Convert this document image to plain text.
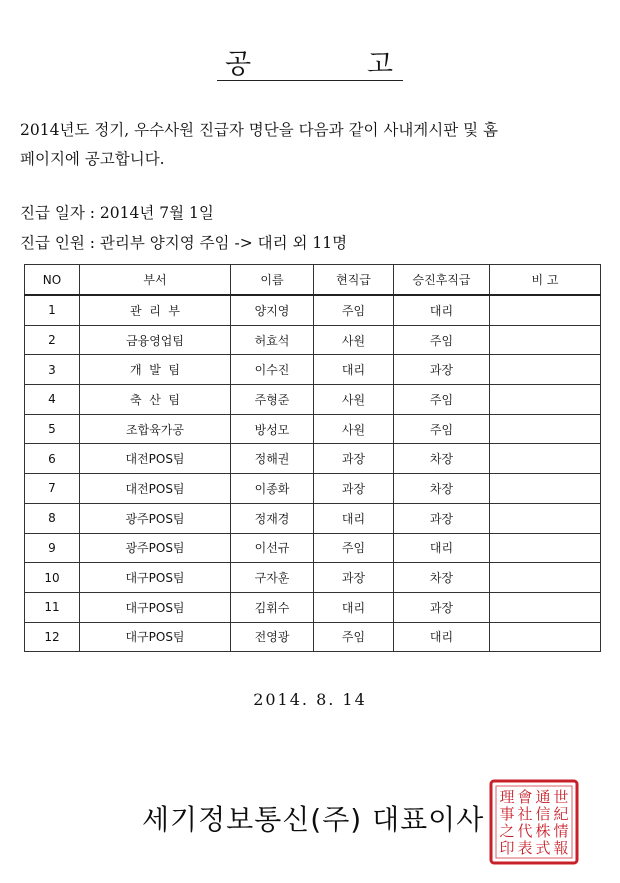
공	고
2014년도 정기, 우수사원 진급자 명단을 다음과 같이 사내게시판 및 홈
페이지에 공고합니다.
진급 일자 : 2014년 7월 1일
진급 인원 : 관리부 양지영 주임 -> 대리 외 11명
NO	부서	이름	현직급	승진후직급	비 고
1	관  리  부	양지영	주임	대리	
2	금융영업팀	허효석	사원	주임	
3	개  발  팀	이수진	대리	과장	
4	축  산  팀	주형준	사원	주임	
5	조합육가공	방성모	사원	주임	
6	대전POS팀	정해권	과장	차장	
7	대전POS팀	이종화	과장	차장	
8	광주POS팀	정재경	대리	과장	
9	광주POS팀	이선규	주임	대리	
10	대구POS팀	구자훈	과장	차장	
11	대구POS팀	김휘수	대리	과장	
12	대구POS팀	전영광	주임	대리	
2014. 8. 14
세기정보통신(주) 대표이사
世
紀
情
報
通
信
株
式
會
社
代
表
理
事
之
印
